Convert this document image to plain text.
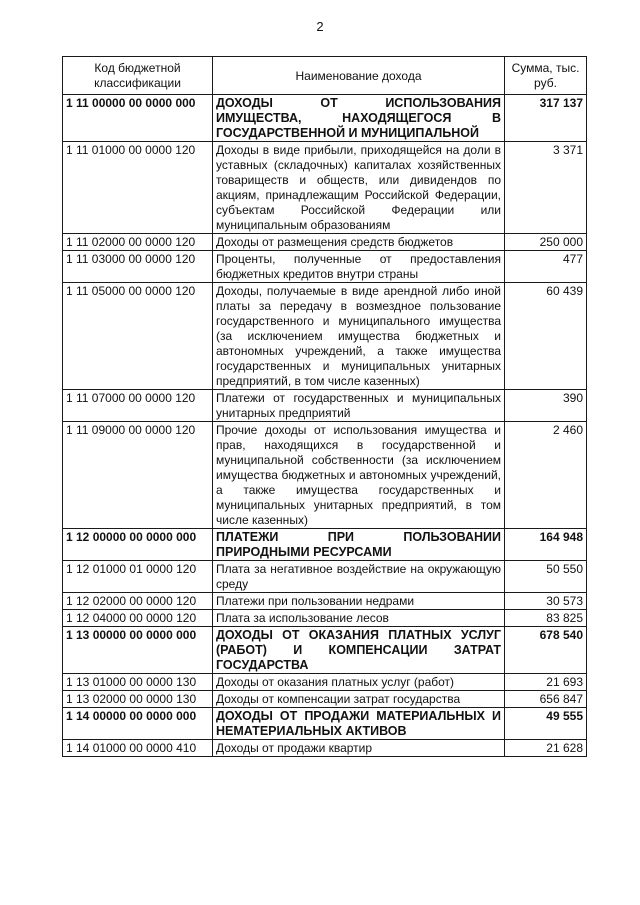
2
Код бюджетной классификации	Наименование дохода	Сумма, тыс. руб.
1 11 00000 00 0000 000	ДОХОДЫ ОТ ИСПОЛЬЗОВАНИЯ ИМУЩЕСТВА, НАХОДЯЩЕГОСЯ В ГОСУДАРСТВЕННОЙ И МУНИЦИПАЛЬНОЙ	317 137
1 11 01000 00 0000 120	Доходы в виде прибыли, приходящейся на доли в уставных (складочных) капиталах хозяйственных товариществ и обществ, или дивидендов по акциям, принадлежащим Российской Федерации, субъектам Российской Федерации или муниципальным образованиям	3 371
1 11 02000 00 0000 120	Доходы от размещения средств бюджетов	250 000
1 11 03000 00 0000 120	Проценты, полученные от предоставления бюджетных кредитов внутри страны	477
1 11 05000 00 0000 120	Доходы, получаемые в виде арендной либо иной платы за передачу в возмездное пользование государственного и муниципального имущества (за исключением имущества бюджетных и автономных учреждений, а также имущества государственных и муниципальных унитарных предприятий, в том числе казенных)	60 439
1 11 07000 00 0000 120	Платежи от государственных и муниципальных унитарных предприятий	390
1 11 09000 00 0000 120	Прочие доходы от использования имущества и прав, находящихся в государственной и муниципальной собственности (за исключением имущества бюджетных и автономных учреждений, а также имущества государственных и муниципальных унитарных предприятий, в том числе казенных)	2 460
1 12 00000 00 0000 000	ПЛАТЕЖИ ПРИ ПОЛЬЗОВАНИИ ПРИРОДНЫМИ РЕСУРСАМИ	164 948
1 12 01000 01 0000 120	Плата за негативное воздействие на окружающую среду	50 550
1 12 02000 00 0000 120	Платежи при пользовании недрами	30 573
1 12 04000 00 0000 120	Плата за использование лесов	83 825
1 13 00000 00 0000 000	ДОХОДЫ ОТ ОКАЗАНИЯ ПЛАТНЫХ УСЛУГ (РАБОТ) И КОМПЕНСАЦИИ ЗАТРАТ ГОСУДАРСТВА	678 540
1 13 01000 00 0000 130	Доходы от оказания платных услуг (работ)	21 693
1 13 02000 00 0000 130	Доходы от компенсации затрат государства	656 847
1 14 00000 00 0000 000	ДОХОДЫ ОТ ПРОДАЖИ МАТЕРИАЛЬНЫХ И НЕМАТЕРИАЛЬНЫХ АКТИВОВ	49 555
1 14 01000 00 0000 410	Доходы от продажи квартир	21 628
